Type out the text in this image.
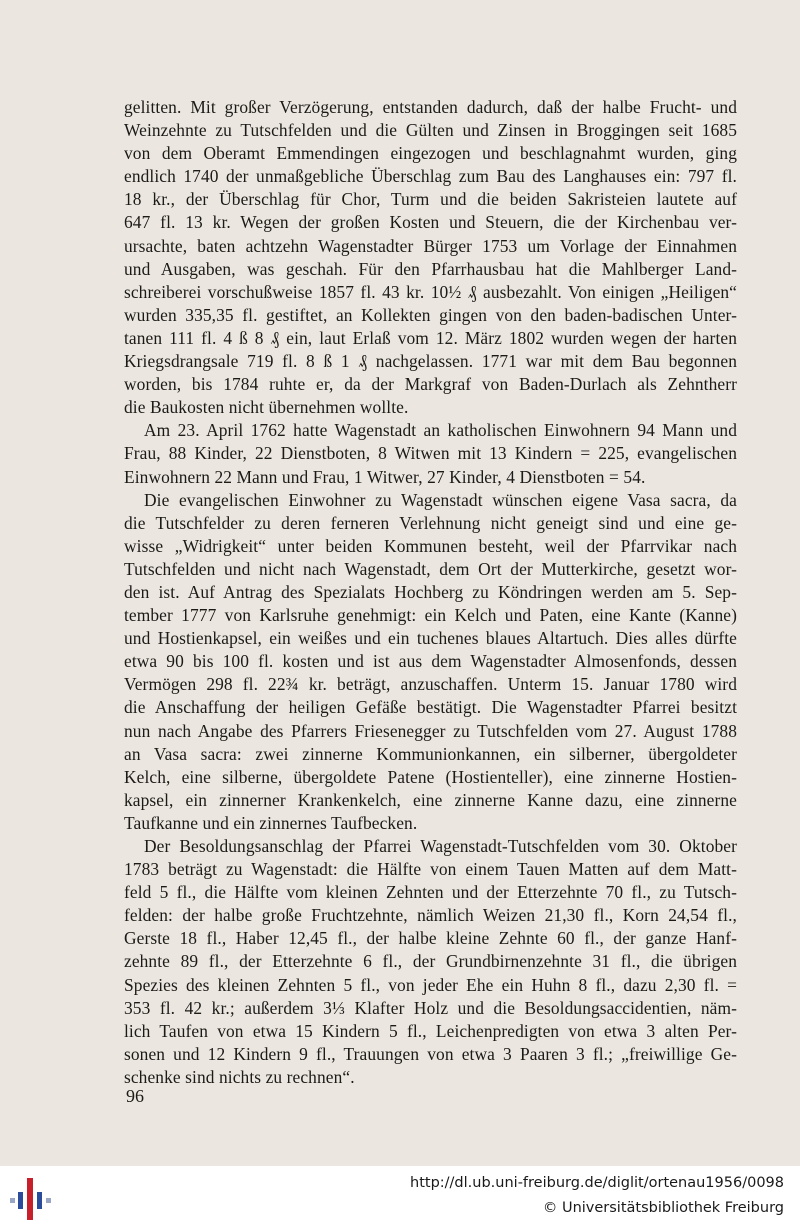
gelitten. Mit großer Verzögerung, entstanden dadurch, daß der halbe Frucht- und
Weinzehnte zu Tutschfelden und die Gülten und Zinsen in Broggingen seit 1685
von dem Oberamt Emmendingen eingezogen und beschlagnahmt wurden, ging
endlich 1740 der unmaßgebliche Überschlag zum Bau des Langhauses ein: 797 fl.
18 kr., der Überschlag für Chor, Turm und die beiden Sakristeien lautete auf
647 fl. 13 kr. Wegen der großen Kosten und Steuern, die der Kirchenbau ver-
ursachte, baten achtzehn Wagenstadter Bürger 1753 um Vorlage der Einnahmen
und Ausgaben, was geschah. Für den Pfarrhausbau hat die Mahlberger Land-
schreiberei vorschußweise 1857 fl. 43 kr. 10½ ₰ ausbezahlt. Von einigen „Heiligen“
wurden 335,35 fl. gestiftet, an Kollekten gingen von den baden-badischen Unter-
tanen 111 fl. 4 ß 8 ₰ ein, laut Erlaß vom 12. März 1802 wurden wegen der harten
Kriegsdrangsale 719 fl. 8 ß 1 ₰ nachgelassen. 1771 war mit dem Bau begonnen
worden, bis 1784 ruhte er, da der Markgraf von Baden-Durlach als Zehntherr
die Baukosten nicht übernehmen wollte.
Am 23. April 1762 hatte Wagenstadt an katholischen Einwohnern 94 Mann und
Frau, 88 Kinder, 22 Dienstboten, 8 Witwen mit 13 Kindern = 225, evangelischen
Einwohnern 22 Mann und Frau, 1 Witwer, 27 Kinder, 4 Dienstboten = 54.
Die evangelischen Einwohner zu Wagenstadt wünschen eigene Vasa sacra, da
die Tutschfelder zu deren ferneren Verlehnung nicht geneigt sind und eine ge-
wisse „Widrigkeit“ unter beiden Kommunen besteht, weil der Pfarrvikar nach
Tutschfelden und nicht nach Wagenstadt, dem Ort der Mutterkirche, gesetzt wor-
den ist. Auf Antrag des Spezialats Hochberg zu Köndringen werden am 5. Sep-
tember 1777 von Karlsruhe genehmigt: ein Kelch und Paten, eine Kante (Kanne)
und Hostienkapsel, ein weißes und ein tuchenes blaues Altartuch. Dies alles dürfte
etwa 90 bis 100 fl. kosten und ist aus dem Wagenstadter Almosenfonds, dessen
Vermögen 298 fl. 22¾ kr. beträgt, anzuschaffen. Unterm 15. Januar 1780 wird
die Anschaffung der heiligen Gefäße bestätigt. Die Wagenstadter Pfarrei besitzt
nun nach Angabe des Pfarrers Friesenegger zu Tutschfelden vom 27. August 1788
an Vasa sacra: zwei zinnerne Kommunionkannen, ein silberner, übergoldeter
Kelch, eine silberne, übergoldete Patene (Hostienteller), eine zinnerne Hostien-
kapsel, ein zinnerner Krankenkelch, eine zinnerne Kanne dazu, eine zinnerne
Taufkanne und ein zinnernes Taufbecken.
Der Besoldungsanschlag der Pfarrei Wagenstadt-Tutschfelden vom 30. Oktober
1783 beträgt zu Wagenstadt: die Hälfte von einem Tauen Matten auf dem Matt-
feld 5 fl., die Hälfte vom kleinen Zehnten und der Etterzehnte 70 fl., zu Tutsch-
felden: der halbe große Fruchtzehnte, nämlich Weizen 21,30 fl., Korn 24,54 fl.,
Gerste 18 fl., Haber 12,45 fl., der halbe kleine Zehnte 60 fl., der ganze Hanf-
zehnte 89 fl., der Etterzehnte 6 fl., der Grundbirnenzehnte 31 fl., die übrigen
Spezies des kleinen Zehnten 5 fl., von jeder Ehe ein Huhn 8 fl., dazu 2,30 fl. =
353 fl. 42 kr.; außerdem 3⅓ Klafter Holz und die Besoldungsaccidentien, näm-
lich Taufen von etwa 15 Kindern 5 fl., Leichenpredigten von etwa 3 alten Per-
sonen und 12 Kindern 9 fl., Trauungen von etwa 3 Paaren 3 fl.; „freiwillige Ge-
schenke sind nichts zu rechnen“.
96
http://dl.ub.uni-freiburg.de/diglit/ortenau1956/0098
© Universitätsbibliothek Freiburg
